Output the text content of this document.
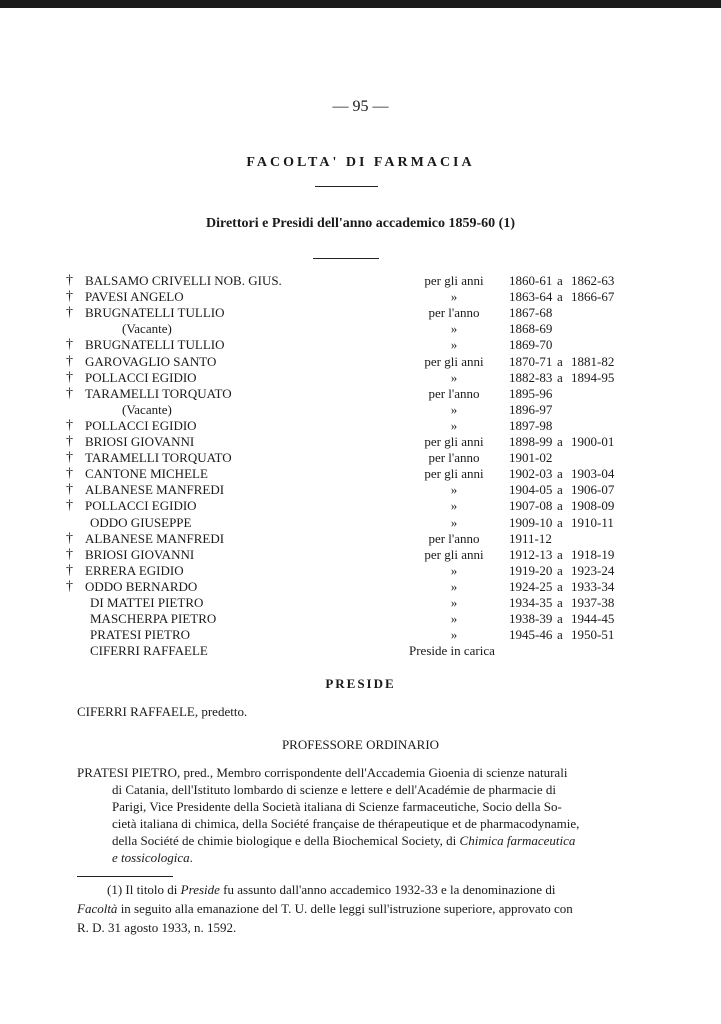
— 95 —
FACOLTA' DI FARMACIA
Direttori e Presidi dell'anno accademico 1859-60 (1)
† BALSAMO CRIVELLI NOB. GIUS.	per gli anni	1860-61 a 1862-63
† PAVESI ANGELO	»	1863-64 a 1866-67
† BRUGNATELLI TULLIO	per l'anno	1867-68
(Vacante)	»	1868-69
† BRUGNATELLI TULLIO	»	1869-70
† GAROVAGLIO SANTO	per gli anni	1870-71 a 1881-82
† POLLACCI EGIDIO	»	1882-83 a 1894-95
† TARAMELLI TORQUATO	per l'anno	1895-96
(Vacante)	»	1896-97
† POLLACCI EGIDIO	»	1897-98
† BRIOSI GIOVANNI	per gli anni	1898-99 a 1900-01
† TARAMELLI TORQUATO	per l'anno	1901-02
† CANTONE MICHELE	per gli anni	1902-03 a 1903-04
† ALBANESE MANFREDI	»	1904-05 a 1906-07
† POLLACCI EGIDIO	»	1907-08 a 1908-09
ODDO GIUSEPPE	»	1909-10 a 1910-11
† ALBANESE MANFREDI	per l'anno	1911-12
† BRIOSI GIOVANNI	per gli anni	1912-13 a 1918-19
† ERRERA EGIDIO	»	1919-20 a 1923-24
† ODDO BERNARDO	»	1924-25 a 1933-34
DI MATTEI PIETRO	»	1934-35 a 1937-38
MASCHERPA PIETRO	»	1938-39 a 1944-45
PRATESI PIETRO	»	1945-46 a 1950-51
CIFERRI RAFFAELE	Preside in carica
PRESIDE
CIFERRI RAFFAELE, predetto.
PROFESSORE ORDINARIO
PRATESI PIETRO, pred., Membro corrispondente dell'Accademia Gioenia di scienze naturali
di Catania, dell'Istituto lombardo di scienze e lettere e dell'Académie de pharmacie di
Parigi, Vice Presidente della Società italiana di Scienze farmaceutiche, Socio della So-
cietà italiana di chimica, della Société française de thérapeutique et de pharmacodynamie,
della Société de chimie biologique e della Biochemical Society, di Chimica farmaceutica
e tossicologica.
(1) Il titolo di Preside fu assunto dall'anno accademico 1932-33 e la denominazione di
Facoltà in seguito alla emanazione del T. U. delle leggi sull'istruzione superiore, approvato con
R. D. 31 agosto 1933, n. 1592.
